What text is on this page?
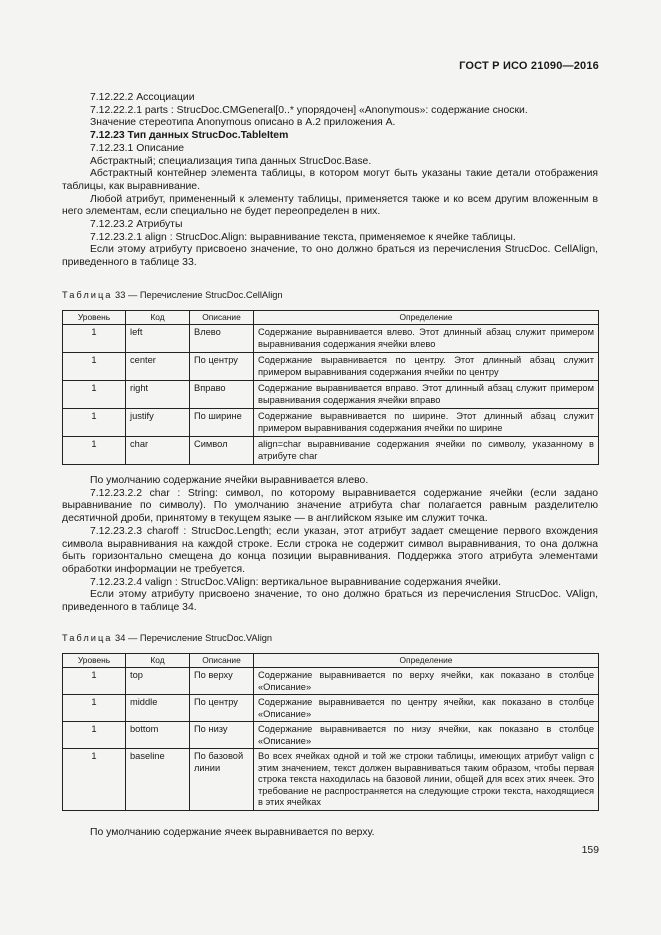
ГОСТ Р ИСО 21090—2016

7.12.22.2 Ассоциации

7.12.22.2.1 parts : StrucDoc.CMGeneral[0..* упорядочен] «Anonymous»: содержание сноски.

Значение стереотипа Anonymous описано в А.2 приложения А.

7.12.23 Тип данных StrucDoc.TableItem

7.12.23.1 Описание

Абстрактный; специализация типа данных StrucDoc.Base.

Абстрактный контейнер элемента таблицы, в котором могут быть указаны такие детали отображения таблицы, как выравнивание.

Любой атрибут, примененный к элементу таблицы, применяется также и ко всем другим вложенным в него элементам, если специально не будет переопределен в них.

7.12.23.2 Атрибуты

7.12.23.2.1 align : StrucDoc.Align: выравнивание текста, применяемое к ячейке таблицы.

Если этому атрибуту присвоено значение, то оно должно браться из перечисления StrucDoc. CellAlign, приведенного в таблице 33.

Таблица 33 — Перечисление StrucDoc.CellAlign
Уровень	Код	Описание	Определение
1	left	Влево	Содержание выравнивается влево. Этот длинный абзац служит примером выравнивания содержания ячейки влево
1	center	По центру	Содержание выравнивается по центру. Этот длинный абзац служит примером выравнивания содержания ячейки по центру
1	right	Вправо	Содержание выравнивается вправо. Этот длинный абзац служит примером выравнивания содержания ячейки вправо
1	justify	По ширине	Содержание выравнивается по ширине. Этот длинный абзац служит примером выравнивания содержания ячейки по ширине
1	char	Символ	align=char выравнивание содержания ячейки по символу, указанному в атрибуте char

По умолчанию содержание ячейки выравнивается влево.

7.12.23.2.2 char : String: символ, по которому выравнивается содержание ячейки (если задано выравнивание по символу). По умолчанию значение атрибута char полагается равным разделителю десятичной дроби, принятому в текущем языке — в английском языке им служит точка.

7.12.23.2.3 charoff : StrucDoc.Length; если указан, этот атрибут задает смещение первого вхождения символа выравнивания на каждой строке. Если строка не содержит символ выравнивания, то она должна быть горизонтально смещена до конца позиции выравнивания. Поддержка этого атрибута элементами обработки информации не требуется.

7.12.23.2.4 valign : StrucDoc.VAlign: вертикальное выравнивание содержания ячейки.

Если этому атрибуту присвоено значение, то оно должно браться из перечисления StrucDoc. VAlign, приведенного в таблице 34.

Таблица 34 — Перечисление StrucDoc.VAlign
Уровень	Код	Описание	Определение
1	top	По верху	Содержание выравнивается по верху ячейки, как показано в столбце «Описание»
1	middle	По центру	Содержание выравнивается по центру ячейки, как показано в столбце «Описание»
1	bottom	По низу	Содержание выравнивается по низу ячейки, как показано в столбце «Описание»
1	baseline	По базовой линии	Во всех ячейках одной и той же строки таблицы, имеющих атрибут valign с этим значением, текст должен выравниваться таким образом, чтобы первая строка текста находилась на базовой линии, общей для всех этих ячеек. Это требование не распространяется на следующие строки текста, находящиеся в этих ячейках

По умолчанию содержание ячеек выравнивается по верху.

159
